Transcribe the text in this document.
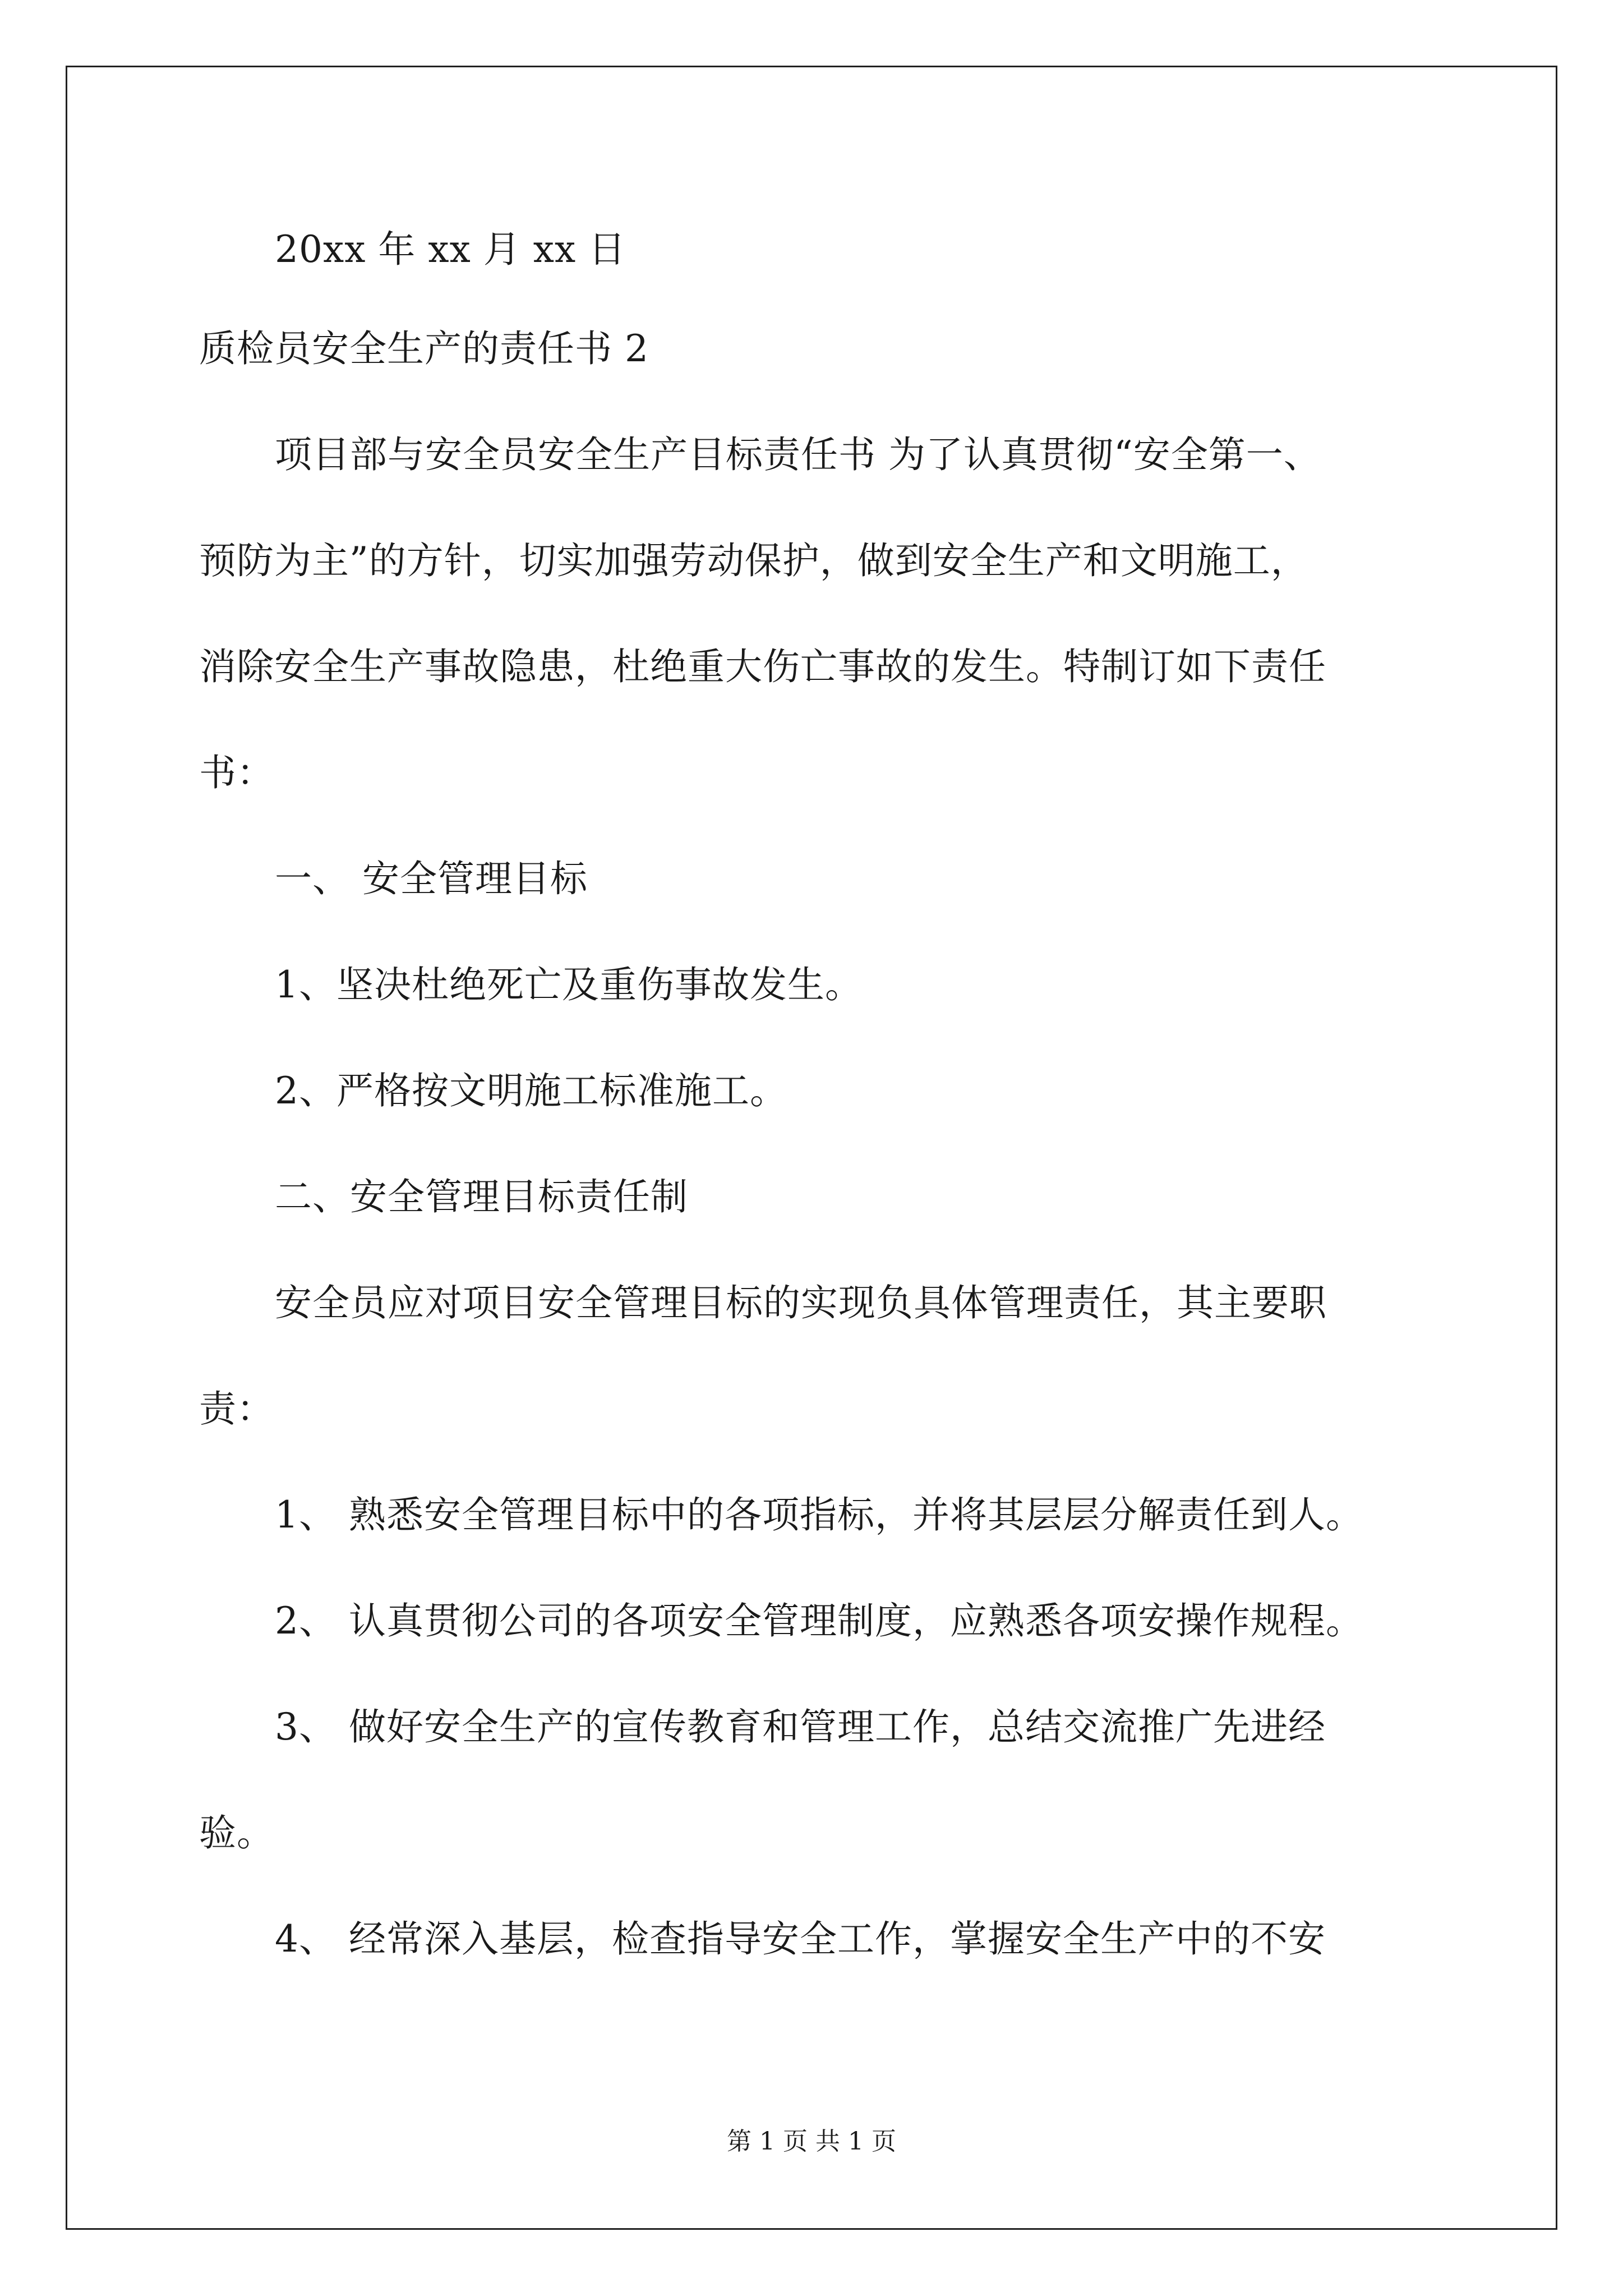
20xx 年 xx 月 xx 日
质检员安全生产的责任书 2
项目部与安全员安全生产目标责任书 为了认真贯彻“安全第一、
预防为主”的方针，切实加强劳动保护，做到安全生产和文明施工，
消除安全生产事故隐患，杜绝重大伤亡事故的发生。特制订如下责任
书：
一、 安全管理目标
1、坚决杜绝死亡及重伤事故发生。
2、严格按文明施工标准施工。
二、安全管理目标责任制
安全员应对项目安全管理目标的实现负具体管理责任，其主要职
责：
1、 熟悉安全管理目标中的各项指标，并将其层层分解责任到人。
2、 认真贯彻公司的各项安全管理制度，应熟悉各项安操作规程。
3、 做好安全生产的宣传教育和管理工作，总结交流推广先进经
验。
4、 经常深入基层，检查指导安全工作，掌握安全生产中的不安
第 1 页 共 1 页
